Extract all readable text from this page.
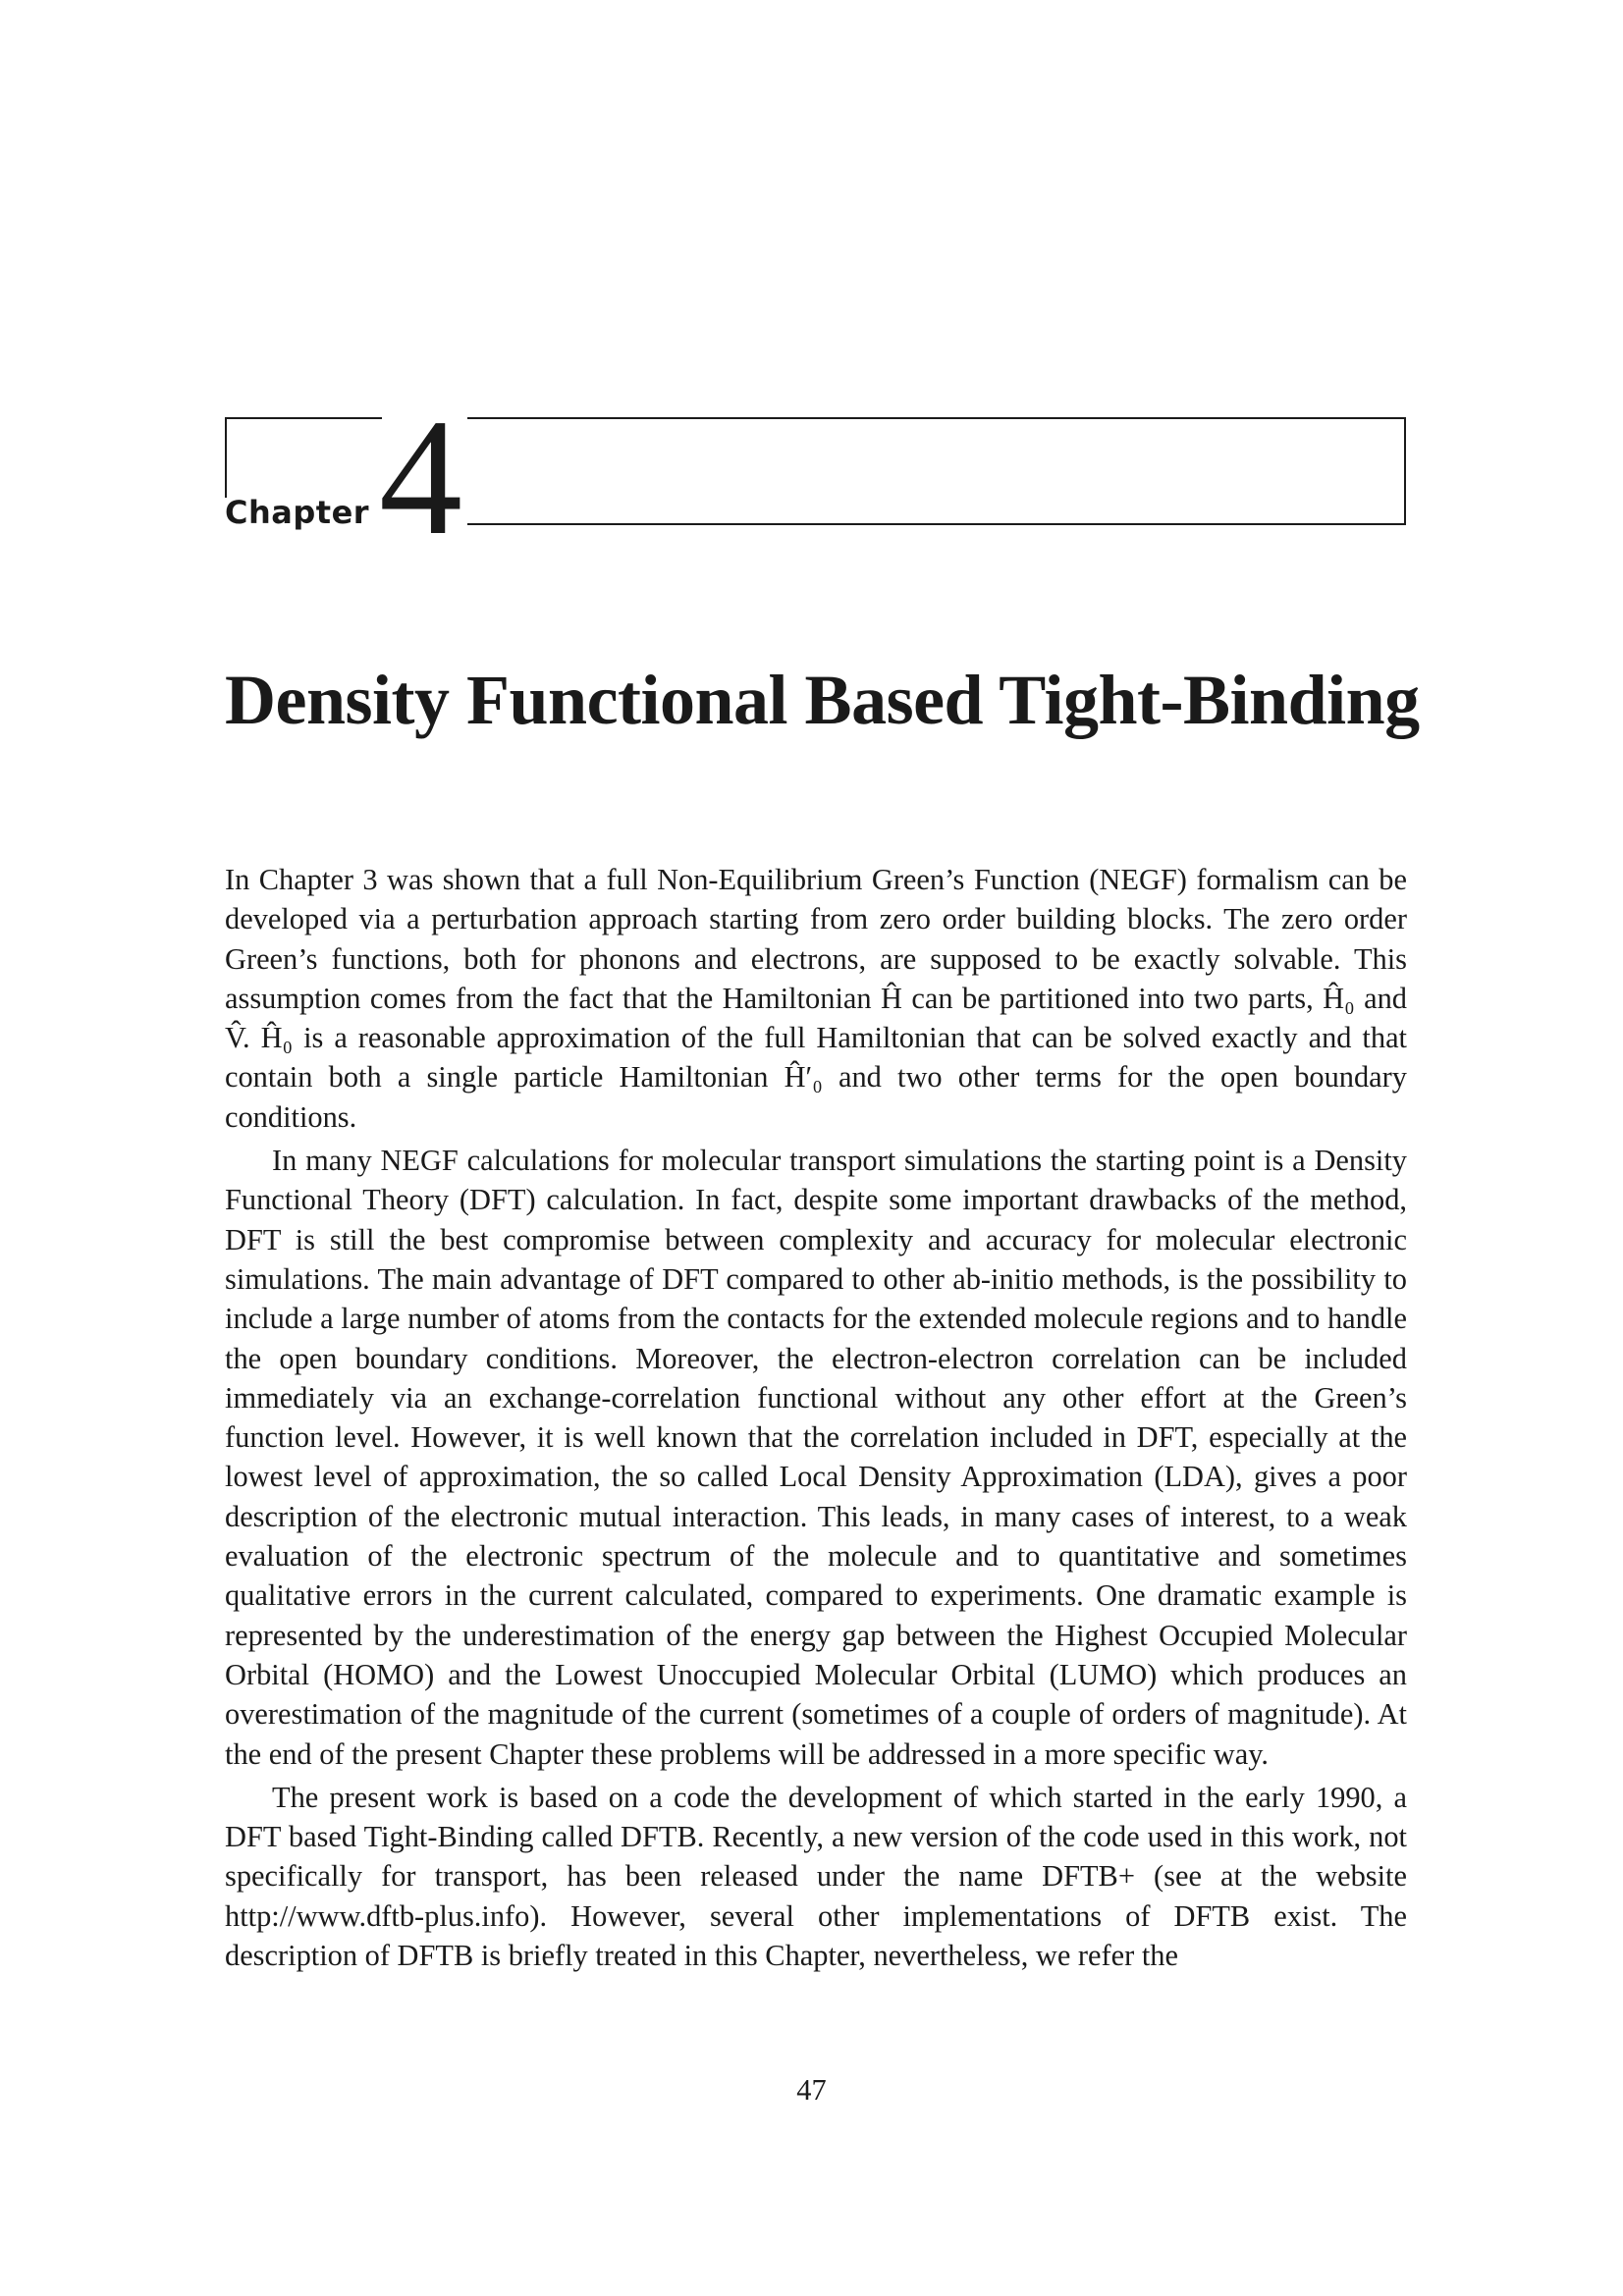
Chapter 4
Density Functional Based Tight-Binding

In Chapter 3 was shown that a full Non-Equilibrium Green’s Function (NEGF) formalism can be developed via a perturbation approach starting from zero order building blocks. The zero order Green’s functions, both for phonons and electrons, are supposed to be exactly solvable. This assumption comes from the fact that the Hamiltonian Ĥ can be partitioned into two parts, Ĥ₀ and V̂. Ĥ₀ is a reasonable approximation of the full Hamiltonian that can be solved exactly and that contain both a single particle Hamiltonian Ĥ′₀ and two other terms for the open boundary conditions.

In many NEGF calculations for molecular transport simulations the starting point is a Density Functional Theory (DFT) calculation. In fact, despite some important drawbacks of the method, DFT is still the best compromise between complexity and accuracy for molecular electronic simulations. The main advantage of DFT compared to other ab-initio methods, is the possibility to include a large number of atoms from the contacts for the extended molecule regions and to handle the open boundary conditions. Moreover, the electron-electron correlation can be included immediately via an exchange-correlation functional without any other effort at the Green’s function level. However, it is well known that the correlation included in DFT, especially at the lowest level of approximation, the so called Local Density Approximation (LDA), gives a poor description of the electronic mutual interaction. This leads, in many cases of interest, to a weak evaluation of the electronic spectrum of the molecule and to quantitative and sometimes qualitative errors in the current calculated, compared to experiments. One dramatic example is represented by the underestimation of the energy gap between the Highest Occupied Molecular Orbital (HOMO) and the Lowest Unoccupied Molecular Orbital (LUMO) which produces an overestimation of the magnitude of the current (sometimes of a couple of orders of magnitude). At the end of the present Chapter these problems will be addressed in a more specific way.

The present work is based on a code the development of which started in the early 1990, a DFT based Tight-Binding called DFTB. Recently, a new version of the code used in this work, not specifically for transport, has been released under the name DFTB+ (see at the website http://www.dftb-plus.info). However, several other implementations of DFTB exist. The description of DFTB is briefly treated in this Chapter, nevertheless, we refer the

47
